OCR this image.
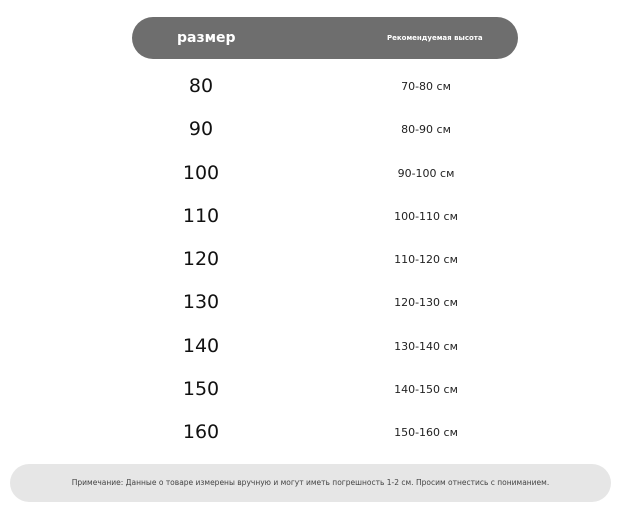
размер	Рекомендуемая высота
80	70-80 см
90	80-90 см
100	90-100 см
110	100-110 см
120	110-120 см
130	120-130 см
140	130-140 см
150	140-150 см
160	150-160 см
Примечание: Данные о товаре измерены вручную и могут иметь погрешность 1-2 см. Просим отнестись с пониманием.
